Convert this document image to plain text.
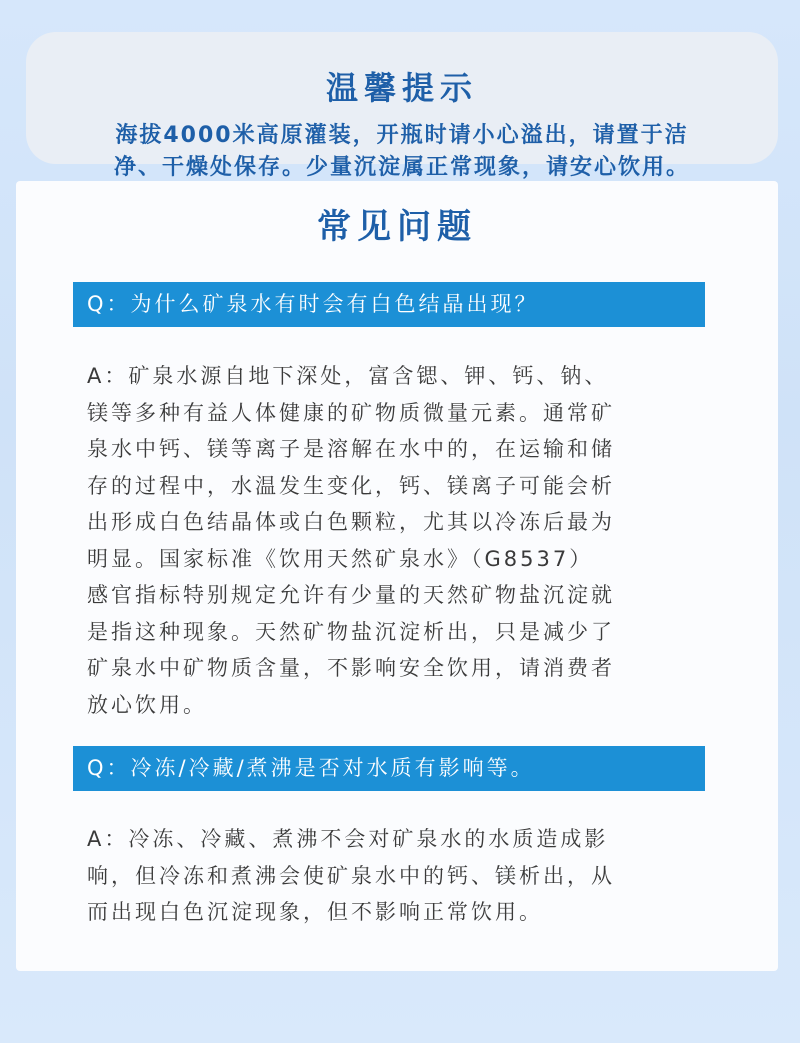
温馨提示
海拔4000米高原灌装，开瓶时请小心溢出，请置于洁
净、干燥处保存。少量沉淀属正常现象，请安心饮用。
常见问题
Q：为什么矿泉水有时会有白色结晶出现？
A：矿泉水源自地下深处，富含锶、钾、钙、钠、
镁等多种有益人体健康的矿物质微量元素。通常矿
泉水中钙、镁等离子是溶解在水中的，在运输和储
存的过程中，水温发生变化，钙、镁离子可能会析
出形成白色结晶体或白色颗粒，尤其以冷冻后最为
明显。国家标准《饮用天然矿泉水》（G8537）
感官指标特别规定允许有少量的天然矿物盐沉淀就
是指这种现象。天然矿物盐沉淀析出，只是减少了
矿泉水中矿物质含量，不影响安全饮用，请消费者
放心饮用。
Q：冷冻/冷藏/煮沸是否对水质有影响等。
A：冷冻、冷藏、煮沸不会对矿泉水的水质造成影
响，但冷冻和煮沸会使矿泉水中的钙、镁析出，从
而出现白色沉淀现象，但不影响正常饮用。
